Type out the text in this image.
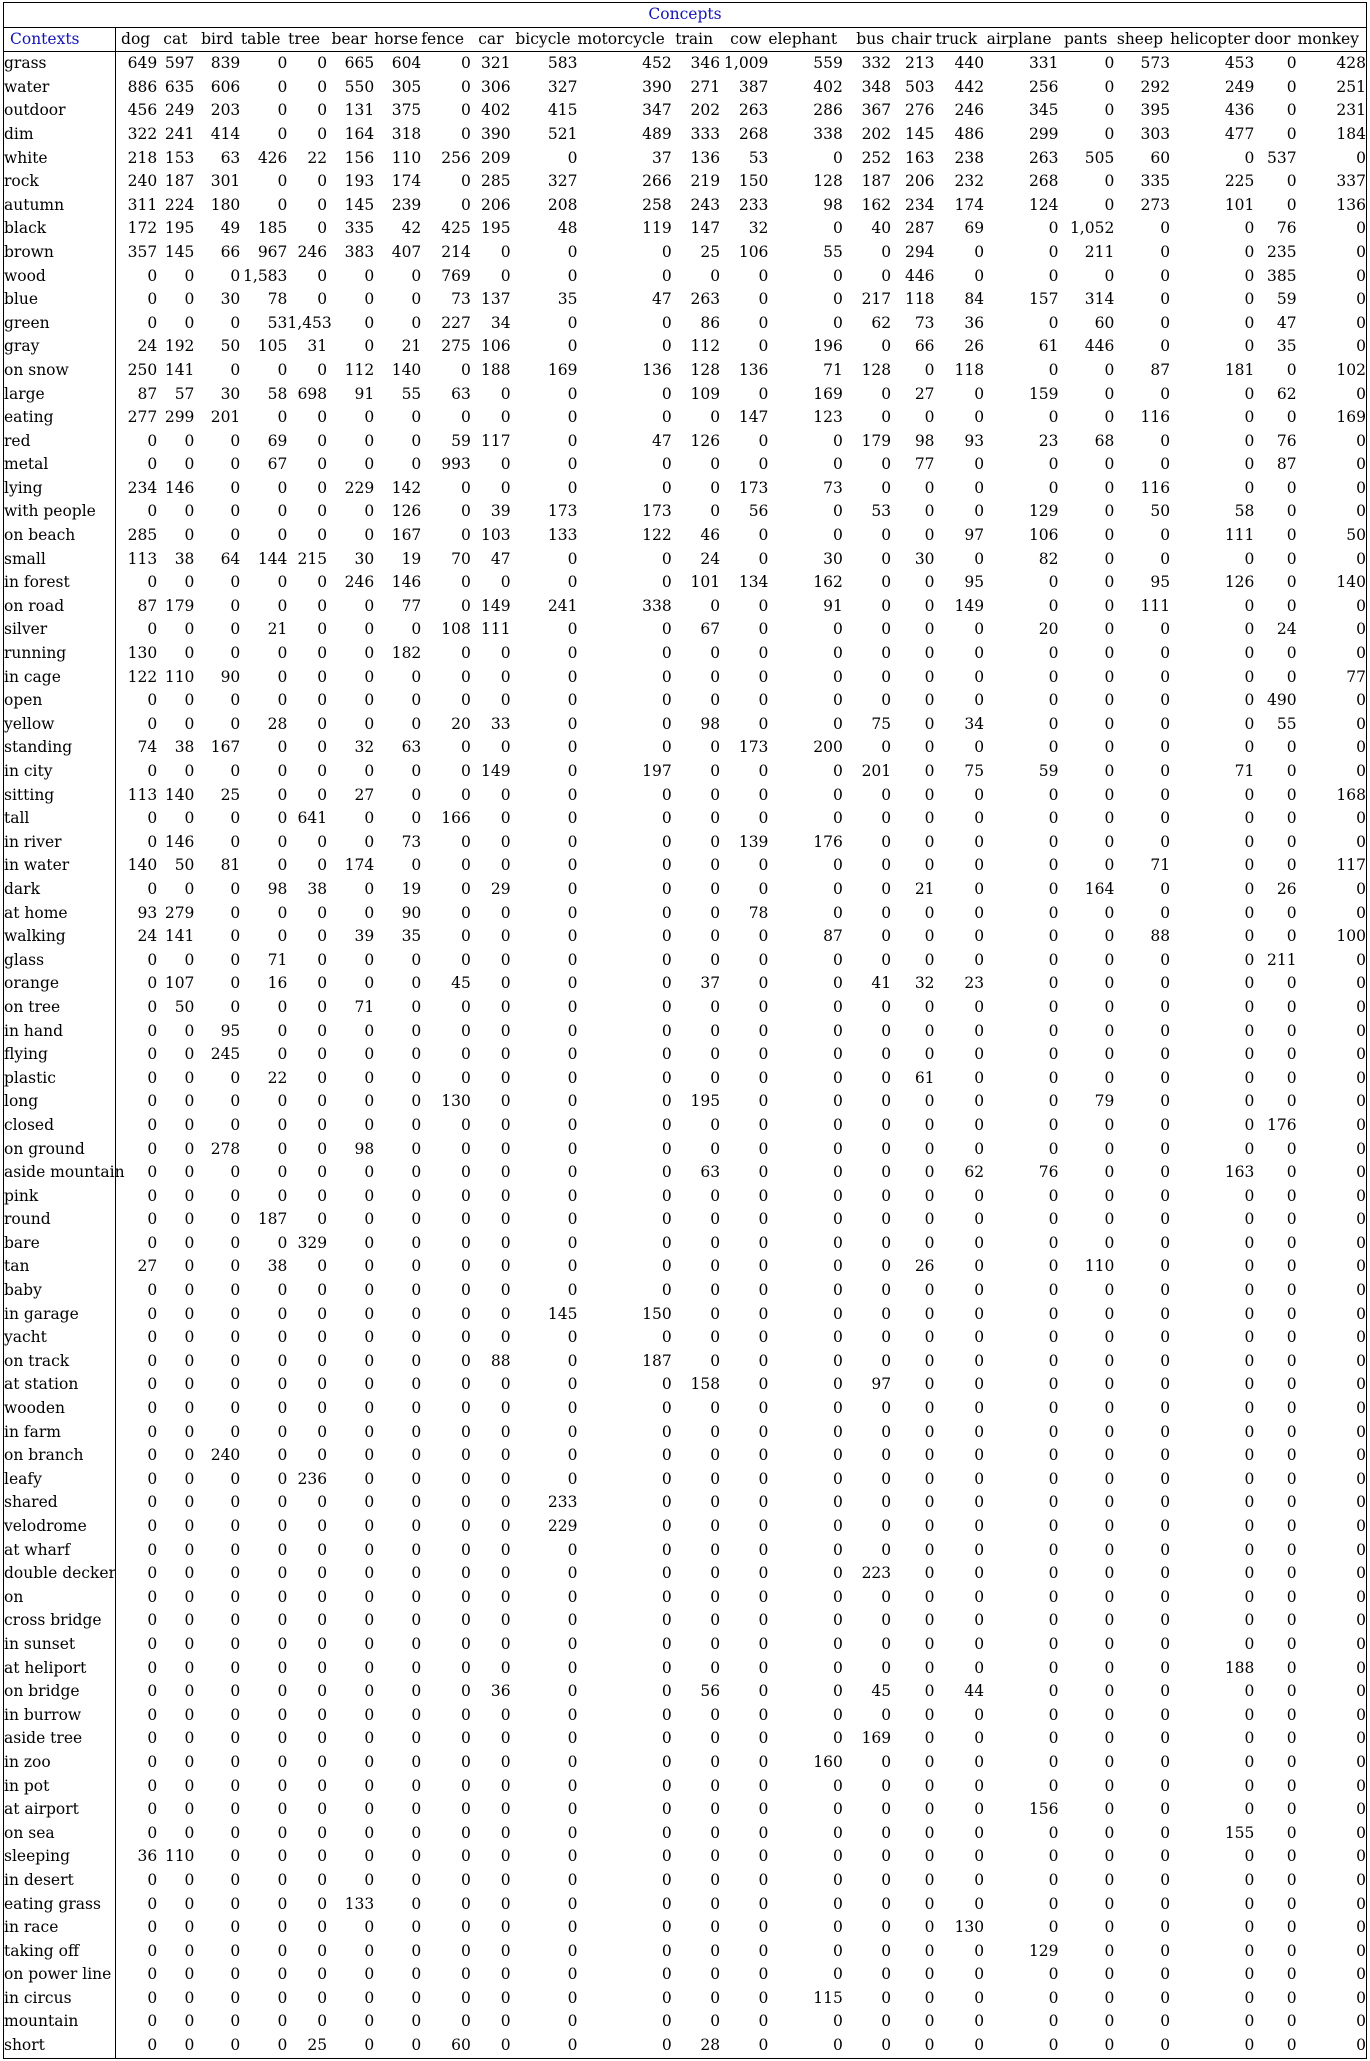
Concepts																							
Contexts	dog	cat	bird	table	tree	bear	horse	fence	car	bicycle	motorcycle	train	cow	elephant	bus	chair	truck	airplane	pants	sheep	helicopter	door	monkey
grass	649	597	839	0	0	665	604	0	321	583	452	346	1,009	559	332	213	440	331	0	573	453	0	428
water	886	635	606	0	0	550	305	0	306	327	390	271	387	402	348	503	442	256	0	292	249	0	251
outdoor	456	249	203	0	0	131	375	0	402	415	347	202	263	286	367	276	246	345	0	395	436	0	231
dim	322	241	414	0	0	164	318	0	390	521	489	333	268	338	202	145	486	299	0	303	477	0	184
white	218	153	63	426	22	156	110	256	209	0	37	136	53	0	252	163	238	263	505	60	0	537	0
rock	240	187	301	0	0	193	174	0	285	327	266	219	150	128	187	206	232	268	0	335	225	0	337
autumn	311	224	180	0	0	145	239	0	206	208	258	243	233	98	162	234	174	124	0	273	101	0	136
black	172	195	49	185	0	335	42	425	195	48	119	147	32	0	40	287	69	0	1,052	0	0	76	0
brown	357	145	66	967	246	383	407	214	0	0	0	25	106	55	0	294	0	0	211	0	0	235	0
wood	0	0	0	1,583	0	0	0	769	0	0	0	0	0	0	0	446	0	0	0	0	0	385	0
blue	0	0	30	78	0	0	0	73	137	35	47	263	0	0	217	118	84	157	314	0	0	59	0
green	0	0	0	53	1,453	0	0	227	34	0	0	86	0	0	62	73	36	0	60	0	0	47	0
gray	24	192	50	105	31	0	21	275	106	0	0	112	0	196	0	66	26	61	446	0	0	35	0
on snow	250	141	0	0	0	112	140	0	188	169	136	128	136	71	128	0	118	0	0	87	181	0	102
large	87	57	30	58	698	91	55	63	0	0	0	109	0	169	0	27	0	159	0	0	0	62	0
eating	277	299	201	0	0	0	0	0	0	0	0	0	147	123	0	0	0	0	0	116	0	0	169
red	0	0	0	69	0	0	0	59	117	0	47	126	0	0	179	98	93	23	68	0	0	76	0
metal	0	0	0	67	0	0	0	993	0	0	0	0	0	0	0	77	0	0	0	0	0	87	0
lying	234	146	0	0	0	229	142	0	0	0	0	0	173	73	0	0	0	0	0	116	0	0	0
with people	0	0	0	0	0	0	126	0	39	173	173	0	56	0	53	0	0	129	0	50	58	0	0
on beach	285	0	0	0	0	0	167	0	103	133	122	46	0	0	0	0	97	106	0	0	111	0	50
small	113	38	64	144	215	30	19	70	47	0	0	24	0	30	0	30	0	82	0	0	0	0	0
in forest	0	0	0	0	0	246	146	0	0	0	0	101	134	162	0	0	95	0	0	95	126	0	140
on road	87	179	0	0	0	0	77	0	149	241	338	0	0	91	0	0	149	0	0	111	0	0	0
silver	0	0	0	21	0	0	0	108	111	0	0	67	0	0	0	0	0	20	0	0	0	24	0
running	130	0	0	0	0	0	182	0	0	0	0	0	0	0	0	0	0	0	0	0	0	0	0
in cage	122	110	90	0	0	0	0	0	0	0	0	0	0	0	0	0	0	0	0	0	0	0	77
open	0	0	0	0	0	0	0	0	0	0	0	0	0	0	0	0	0	0	0	0	0	490	0
yellow	0	0	0	28	0	0	0	20	33	0	0	98	0	0	75	0	34	0	0	0	0	55	0
standing	74	38	167	0	0	32	63	0	0	0	0	0	173	200	0	0	0	0	0	0	0	0	0
in city	0	0	0	0	0	0	0	0	149	0	197	0	0	0	201	0	75	59	0	0	71	0	0
sitting	113	140	25	0	0	27	0	0	0	0	0	0	0	0	0	0	0	0	0	0	0	0	168
tall	0	0	0	0	641	0	0	166	0	0	0	0	0	0	0	0	0	0	0	0	0	0	0
in river	0	146	0	0	0	0	73	0	0	0	0	0	139	176	0	0	0	0	0	0	0	0	0
in water	140	50	81	0	0	174	0	0	0	0	0	0	0	0	0	0	0	0	0	71	0	0	117
dark	0	0	0	98	38	0	19	0	29	0	0	0	0	0	0	21	0	0	164	0	0	26	0
at home	93	279	0	0	0	0	90	0	0	0	0	0	78	0	0	0	0	0	0	0	0	0	0
walking	24	141	0	0	0	39	35	0	0	0	0	0	0	87	0	0	0	0	0	88	0	0	100
glass	0	0	0	71	0	0	0	0	0	0	0	0	0	0	0	0	0	0	0	0	0	211	0
orange	0	107	0	16	0	0	0	45	0	0	0	37	0	0	41	32	23	0	0	0	0	0	0
on tree	0	50	0	0	0	71	0	0	0	0	0	0	0	0	0	0	0	0	0	0	0	0	0
in hand	0	0	95	0	0	0	0	0	0	0	0	0	0	0	0	0	0	0	0	0	0	0	0
flying	0	0	245	0	0	0	0	0	0	0	0	0	0	0	0	0	0	0	0	0	0	0	0
plastic	0	0	0	22	0	0	0	0	0	0	0	0	0	0	0	61	0	0	0	0	0	0	0
long	0	0	0	0	0	0	0	130	0	0	0	195	0	0	0	0	0	0	79	0	0	0	0
closed	0	0	0	0	0	0	0	0	0	0	0	0	0	0	0	0	0	0	0	0	0	176	0
on ground	0	0	278	0	0	98	0	0	0	0	0	0	0	0	0	0	0	0	0	0	0	0	0
aside mountain	0	0	0	0	0	0	0	0	0	0	0	63	0	0	0	0	62	76	0	0	163	0	0
pink	0	0	0	0	0	0	0	0	0	0	0	0	0	0	0	0	0	0	0	0	0	0	0
round	0	0	0	187	0	0	0	0	0	0	0	0	0	0	0	0	0	0	0	0	0	0	0
bare	0	0	0	0	329	0	0	0	0	0	0	0	0	0	0	0	0	0	0	0	0	0	0
tan	27	0	0	38	0	0	0	0	0	0	0	0	0	0	0	26	0	0	110	0	0	0	0
baby	0	0	0	0	0	0	0	0	0	0	0	0	0	0	0	0	0	0	0	0	0	0	0
in garage	0	0	0	0	0	0	0	0	0	145	150	0	0	0	0	0	0	0	0	0	0	0	0
yacht	0	0	0	0	0	0	0	0	0	0	0	0	0	0	0	0	0	0	0	0	0	0	0
on track	0	0	0	0	0	0	0	0	88	0	187	0	0	0	0	0	0	0	0	0	0	0	0
at station	0	0	0	0	0	0	0	0	0	0	0	158	0	0	97	0	0	0	0	0	0	0	0
wooden	0	0	0	0	0	0	0	0	0	0	0	0	0	0	0	0	0	0	0	0	0	0	0
in farm	0	0	0	0	0	0	0	0	0	0	0	0	0	0	0	0	0	0	0	0	0	0	0
on branch	0	0	240	0	0	0	0	0	0	0	0	0	0	0	0	0	0	0	0	0	0	0	0
leafy	0	0	0	0	236	0	0	0	0	0	0	0	0	0	0	0	0	0	0	0	0	0	0
shared	0	0	0	0	0	0	0	0	0	233	0	0	0	0	0	0	0	0	0	0	0	0	0
velodrome	0	0	0	0	0	0	0	0	0	229	0	0	0	0	0	0	0	0	0	0	0	0	0
at wharf	0	0	0	0	0	0	0	0	0	0	0	0	0	0	0	0	0	0	0	0	0	0	0
double decker	0	0	0	0	0	0	0	0	0	0	0	0	0	0	223	0	0	0	0	0	0	0	0
on	0	0	0	0	0	0	0	0	0	0	0	0	0	0	0	0	0	0	0	0	0	0	0
cross bridge	0	0	0	0	0	0	0	0	0	0	0	0	0	0	0	0	0	0	0	0	0	0	0
in sunset	0	0	0	0	0	0	0	0	0	0	0	0	0	0	0	0	0	0	0	0	0	0	0
at heliport	0	0	0	0	0	0	0	0	0	0	0	0	0	0	0	0	0	0	0	0	188	0	0
on bridge	0	0	0	0	0	0	0	0	36	0	0	56	0	0	45	0	44	0	0	0	0	0	0
in burrow	0	0	0	0	0	0	0	0	0	0	0	0	0	0	0	0	0	0	0	0	0	0	0
aside tree	0	0	0	0	0	0	0	0	0	0	0	0	0	0	169	0	0	0	0	0	0	0	0
in zoo	0	0	0	0	0	0	0	0	0	0	0	0	0	160	0	0	0	0	0	0	0	0	0
in pot	0	0	0	0	0	0	0	0	0	0	0	0	0	0	0	0	0	0	0	0	0	0	0
at airport	0	0	0	0	0	0	0	0	0	0	0	0	0	0	0	0	0	156	0	0	0	0	0
on sea	0	0	0	0	0	0	0	0	0	0	0	0	0	0	0	0	0	0	0	0	155	0	0
sleeping	36	110	0	0	0	0	0	0	0	0	0	0	0	0	0	0	0	0	0	0	0	0	0
in desert	0	0	0	0	0	0	0	0	0	0	0	0	0	0	0	0	0	0	0	0	0	0	0
eating grass	0	0	0	0	0	133	0	0	0	0	0	0	0	0	0	0	0	0	0	0	0	0	0
in race	0	0	0	0	0	0	0	0	0	0	0	0	0	0	0	0	130	0	0	0	0	0	0
taking off	0	0	0	0	0	0	0	0	0	0	0	0	0	0	0	0	0	129	0	0	0	0	0
on power line	0	0	0	0	0	0	0	0	0	0	0	0	0	0	0	0	0	0	0	0	0	0	0
in circus	0	0	0	0	0	0	0	0	0	0	0	0	0	115	0	0	0	0	0	0	0	0	0
mountain	0	0	0	0	0	0	0	0	0	0	0	0	0	0	0	0	0	0	0	0	0	0	0
short	0	0	0	0	25	0	0	60	0	0	0	28	0	0	0	0	0	0	0	0	0	0	0
